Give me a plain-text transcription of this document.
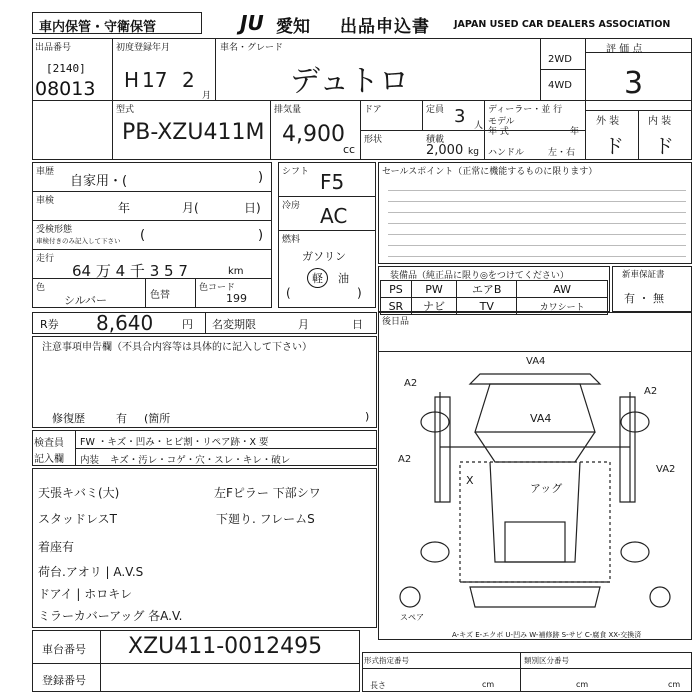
車内保管・守衛保管	JU 愛知 出品申込書	JAPAN USED CAR DEALERS ASSOCIATION
出品番号
[2140]
08013
初度登録年月
H 17 2
月
車名・グレード
デュトロ
2WD
4WD
評 価 点
3
型式
PB-XZU411M
排気量
4,900
cc
ドア	定員 3 人
ディーラー・並 行
モデル
年 式	年
形状	積載
2,000 kg ハンドル	左・右
外 装	内 装
ド ド
車歴
自家用・(	)
車検	年	月(	日)
受検形態
車検付きのみ記入して下さい (	)
走行
64 万 4 千 3 5 7	km
色
シルバー	色替
色コード
199
シフト F5
冷房 AC
燃料
ガソリン
軽	油
(	)
セールスポイント（正常に機能するものに限ります）
装備品（純正品に限り◎をつけてください）
PS	PW	エアB	AW
SR	ナビ	TV	カワシート
新車保証書
有 ・ 無
R券 8,640	円 名変期限	月	日
注意事項申告欄（不具合内容等は具体的に記入して下さい）
修復歴	有 (箇所	)
検査員
記入欄
FW ・キズ・凹み・ヒビ割・リペア跡・X 要
内装 キズ・汚レ・コゲ・穴・スレ・キレ・破レ
天張キバミ(大)
スタッドレスT
着座有
荷台.アオリ | A.V.S
ドアイ | ホロキレ
ミラーカバーアッグ 各A.V.
左Fピラー 下部シワ
下廻り. フレームS
後日品
VA4
A2
A2
A2
VA2
VA4
X
アッグ
スペア
A-キズ E-エクボ U-凹み W-補修跡 S-サビ C-腐食 XX-交換済
車台番号 XZU411-0012495
登録番号
形式指定番号	類別区分番号
長さ	cm	cm	cm
